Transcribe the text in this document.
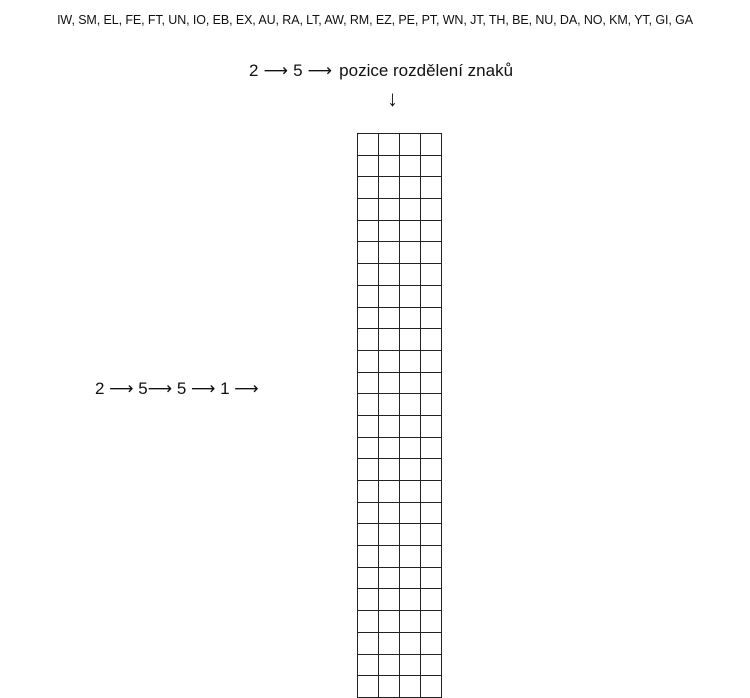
IW, SM, EL, FE, FT, UN, IO, EB, EX, AU, RA, LT, AW, RM, EZ, PE, PT, WN, JT, TH, BE, NU, DA, NO, KM, YT, GI, GA
2 ⟶ 5 ⟶ pozice rozdělení znaků
↓
2 ⟶ 5⟶ 5 ⟶ 1 ⟶
